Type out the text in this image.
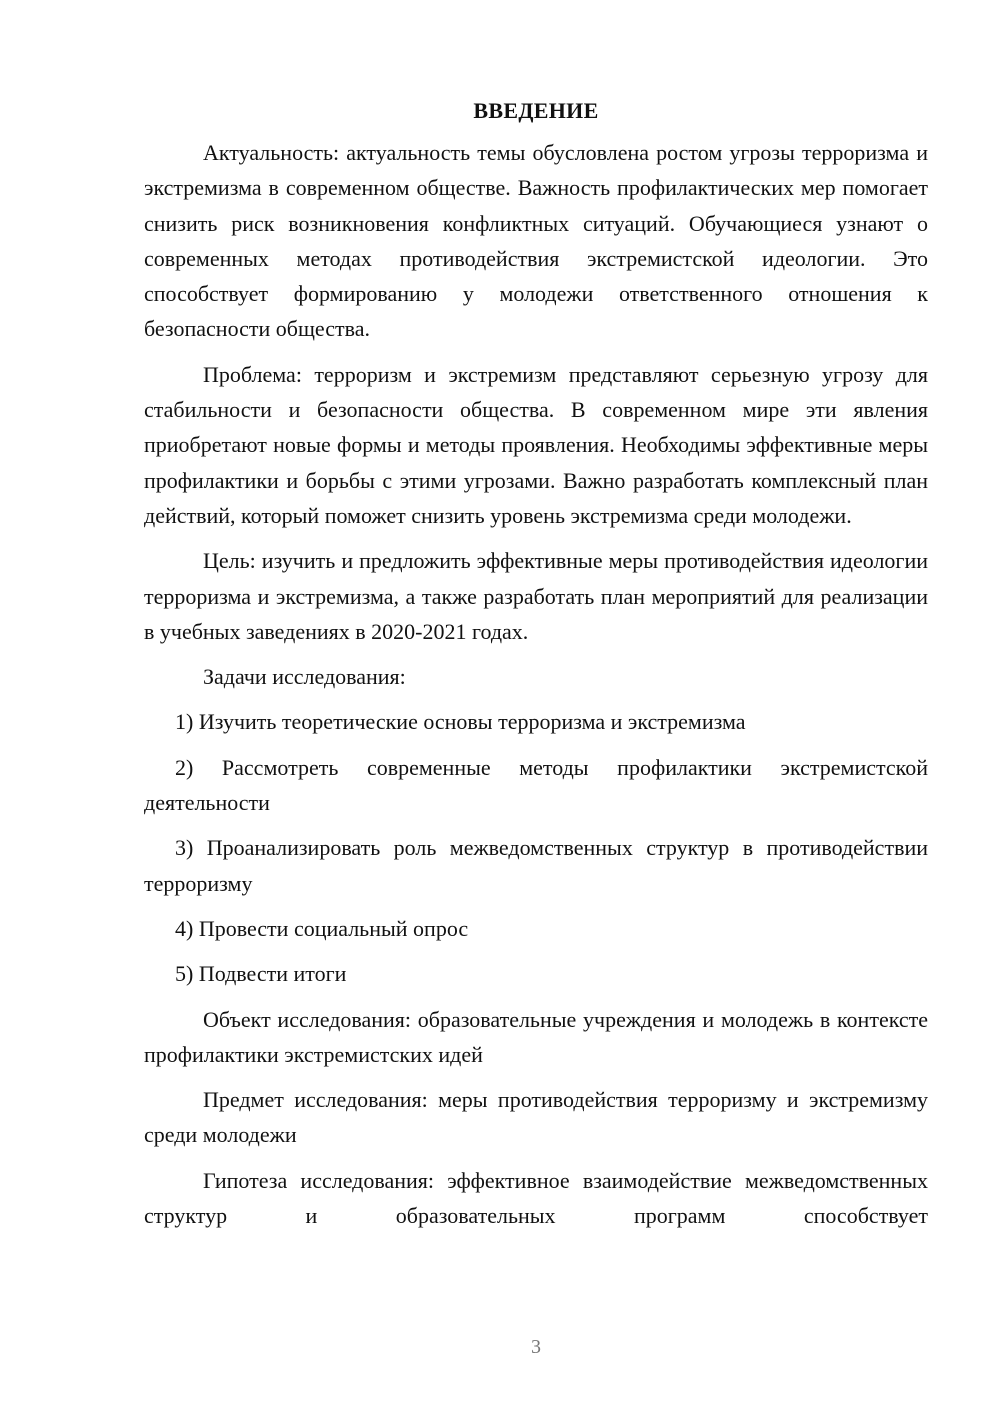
ВВЕДЕНИЕ

Актуальность: актуальность темы обусловлена ростом угрозы терроризма и экстремизма в современном обществе. Важность профилактических мер помогает снизить риск возникновения конфликтных ситуаций. Обучающиеся узнают о современных методах противодействия экстремистской идеологии. Это способствует формированию у молодежи ответственного отношения к безопасности общества.

Проблема: терроризм и экстремизм представляют серьезную угрозу для стабильности и безопасности общества. В современном мире эти явления приобретают новые формы и методы проявления. Необходимы эффективные меры профилактики и борьбы с этими угрозами. Важно разработать комплексный план действий, который поможет снизить уровень экстремизма среди молодежи.

Цель: изучить и предложить эффективные меры противодействия идеологии терроризма и экстремизма, а также разработать план мероприятий для реализации в учебных заведениях в 2020-2021 годах.

Задачи исследования:

1) Изучить теоретические основы терроризма и экстремизма

2) Рассмотреть современные методы профилактики экстремистской деятельности

3) Проанализировать роль межведомственных структур в противодействии терроризму

4) Провести социальный опрос

5) Подвести итоги

Объект исследования: образовательные учреждения и молодежь в контексте профилактики экстремистских идей

Предмет исследования: меры противодействия терроризму и экстремизму среди молодежи

Гипотеза исследования: эффективное взаимодействие межведомственных структур и образовательных программ способствует

3
